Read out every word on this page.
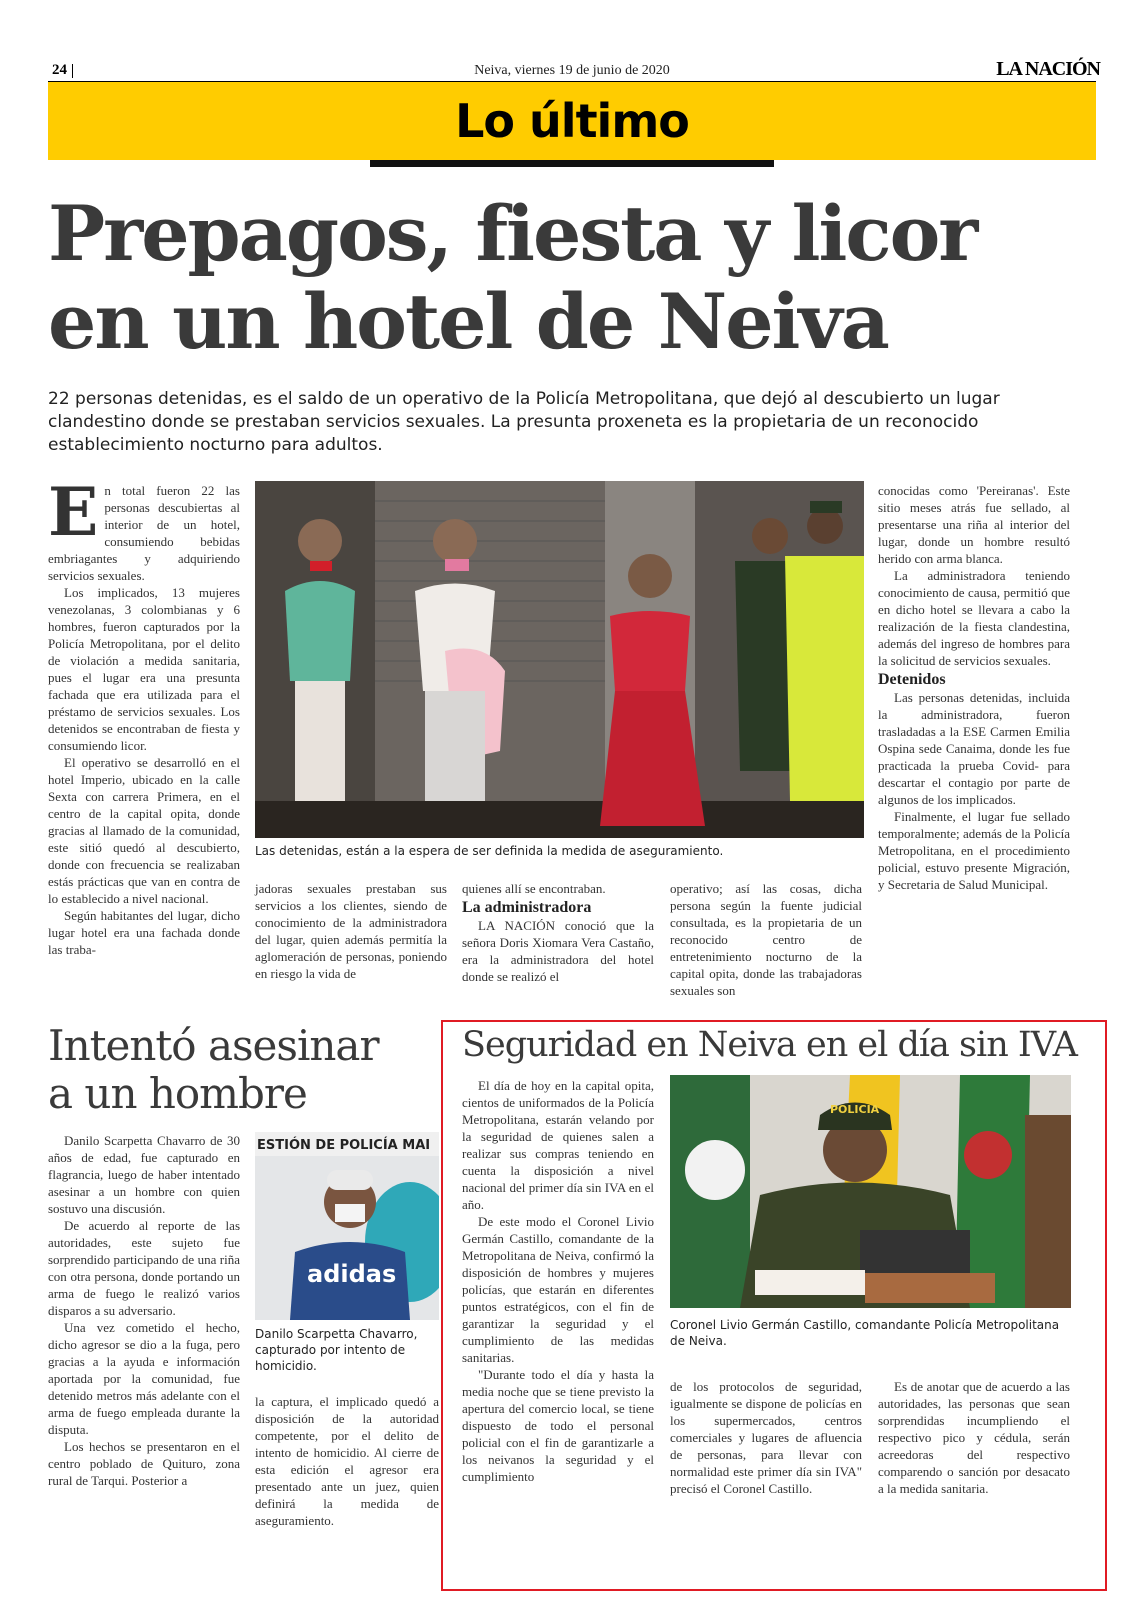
24	Neiva, viernes 19 de junio de 2020	LA NACIÓN
Lo último
Prepagos, fiesta y licor
en un hotel de Neiva
22 personas detenidas, es el saldo de un operativo de la Policía Metropolitana, que dejó al descubierto un lugar clandestino donde se prestaban servicios sexuales. La presunta proxeneta es la propietaria de un reconocido establecimiento nocturno para adultos.
E n total fueron 22 las personas descubiertas al interior de un hotel, consumiendo bebidas embriagantes y adquiriendo servicios sexuales.

Los implicados, 13 mujeres venezolanas, 3 colombianas y 6 hombres, fueron capturados por la Policía Metropolitana, por el delito de violación a medida sanitaria, pues el lugar era una presunta fachada que era utilizada para el préstamo de servicios sexuales. Los detenidos se encontraban de fiesta y consumiendo licor.

El operativo se desarrolló en el hotel Imperio, ubicado en la calle Sexta con carrera Primera, en el centro de la capital opita, donde gracias al llamado de la comunidad, este sitió quedó al descubierto, donde con frecuencia se realizaban estás prácticas que van en contra de lo establecido a nivel nacional.

Según habitantes del lugar, dicho lugar hotel era una fachada donde las traba-

Las detenidas, están a la espera de ser definida la medida de aseguramiento.

jadoras sexuales prestaban sus servicios a los clientes, siendo de conocimiento de la administradora del lugar, quien además permitía la aglomeración de personas, poniendo en riesgo la vida de

quienes allí se encontraban.

La administradora

LA NACIÓN conoció que la señora Doris Xiomara Vera Castaño, era la administradora del hotel donde se realizó el

operativo; así las cosas, dicha persona según la fuente judicial consultada, es la propietaria de un reconocido centro de entretenimiento nocturno de la capital opita, donde las trabajadoras sexuales son

conocidas como 'Pereiranas'. Este sitio meses atrás fue sellado, al presentarse una riña al interior del lugar, donde un hombre resultó herido con arma blanca.

La administradora teniendo conocimiento de causa, permitió que en dicho hotel se llevara a cabo la realización de la fiesta clandestina, además del ingreso de hombres para la solicitud de servicios sexuales.

Detenidos

Las personas detenidas, incluida la administradora, fueron trasladadas a la ESE Carmen Emilia Ospina sede Canaima, donde les fue practicada la prueba Covid- para descartar el contagio por parte de algunos de los implicados.

Finalmente, el lugar fue sellado temporalmente; además de la Policía Metropolitana, en el procedimiento policial, estuvo presente Migración, y Secretaria de Salud Municipal.

Intentó asesinar
a un hombre

Danilo Scarpetta Chavarro de 30 años de edad, fue capturado en flagrancia, luego de haber intentado asesinar a un hombre con quien sostuvo una discusión.

De acuerdo al reporte de las autoridades, este sujeto fue sorprendido participando de una riña con otra persona, donde portando un arma de fuego le realizó varios disparos a su adversario.

Una vez cometido el hecho, dicho agresor se dio a la fuga, pero gracias a la ayuda e información aportada por la comunidad, fue detenido metros más adelante con el arma de fuego empleada durante la disputa.

Los hechos se presentaron en el centro poblado de Quituro, zona rural de Tarqui. Posterior a

ESTIÓN DE POLICÍA MAI
adidas
Danilo Scarpetta Chavarro, capturado por intento de homicidio.

la captura, el implicado quedó a disposición de la autoridad competente, por el delito de intento de homicidio. Al cierre de esta edición el agresor era presentado ante un juez, quien definirá la medida de aseguramiento.

Seguridad en Neiva en el día sin IVA

El día de hoy en la capital opita, cientos de uniformados de la Policía Metropolitana, estarán velando por la seguridad de quienes salen a realizar sus compras teniendo en cuenta la disposición a nivel nacional del primer día sin IVA en el año.

De este modo el Coronel Livio Germán Castillo, comandante de la Metropolitana de Neiva, confirmó la disposición de hombres y mujeres policías, que estarán en diferentes puntos estratégicos, con el fin de garantizar la seguridad y el cumplimiento de las medidas sanitarias.

"Durante todo el día y hasta la media noche que se tiene previsto la apertura del comercio local, se tiene dispuesto de todo el personal policial con el fin de garantizarle a los neivanos la seguridad y el cumplimiento

POLICIA
Coronel Livio Germán Castillo, comandante Policía Metropolitana de Neiva.

de los protocolos de seguridad, igualmente se dispone de policías en los supermercados, centros comerciales y lugares de afluencia de personas, para llevar con normalidad este primer día sin IVA" precisó el Coronel Castillo.

Es de anotar que de acuerdo a las autoridades, las personas que sean sorprendidas incumpliendo el respectivo pico y cédula, serán acreedoras del respectivo comparendo o sanción por desacato a la medida sanitaria.
